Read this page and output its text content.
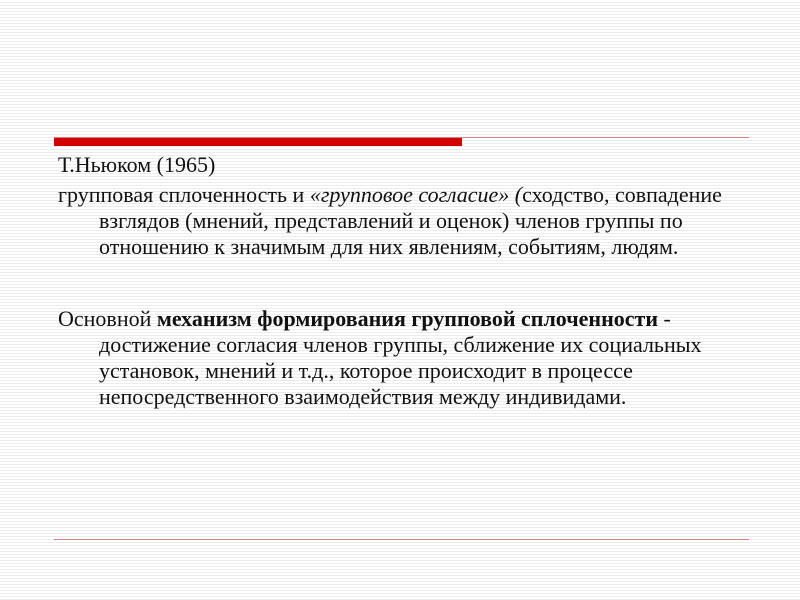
Т.Ньюком (1965)

групповая сплоченность и «групповое согласие» (сходство, совпадение взглядов (мнений, представлений и оценок) членов группы по отношению к значимым для них явлениям, событиям, людям.

Основной механизм формирования групповой сплоченности - достижение согласия членов группы, сближение их социальных установок, мнений и т.д., которое происходит в процессе непосредственного взаимодействия между индивидами.
